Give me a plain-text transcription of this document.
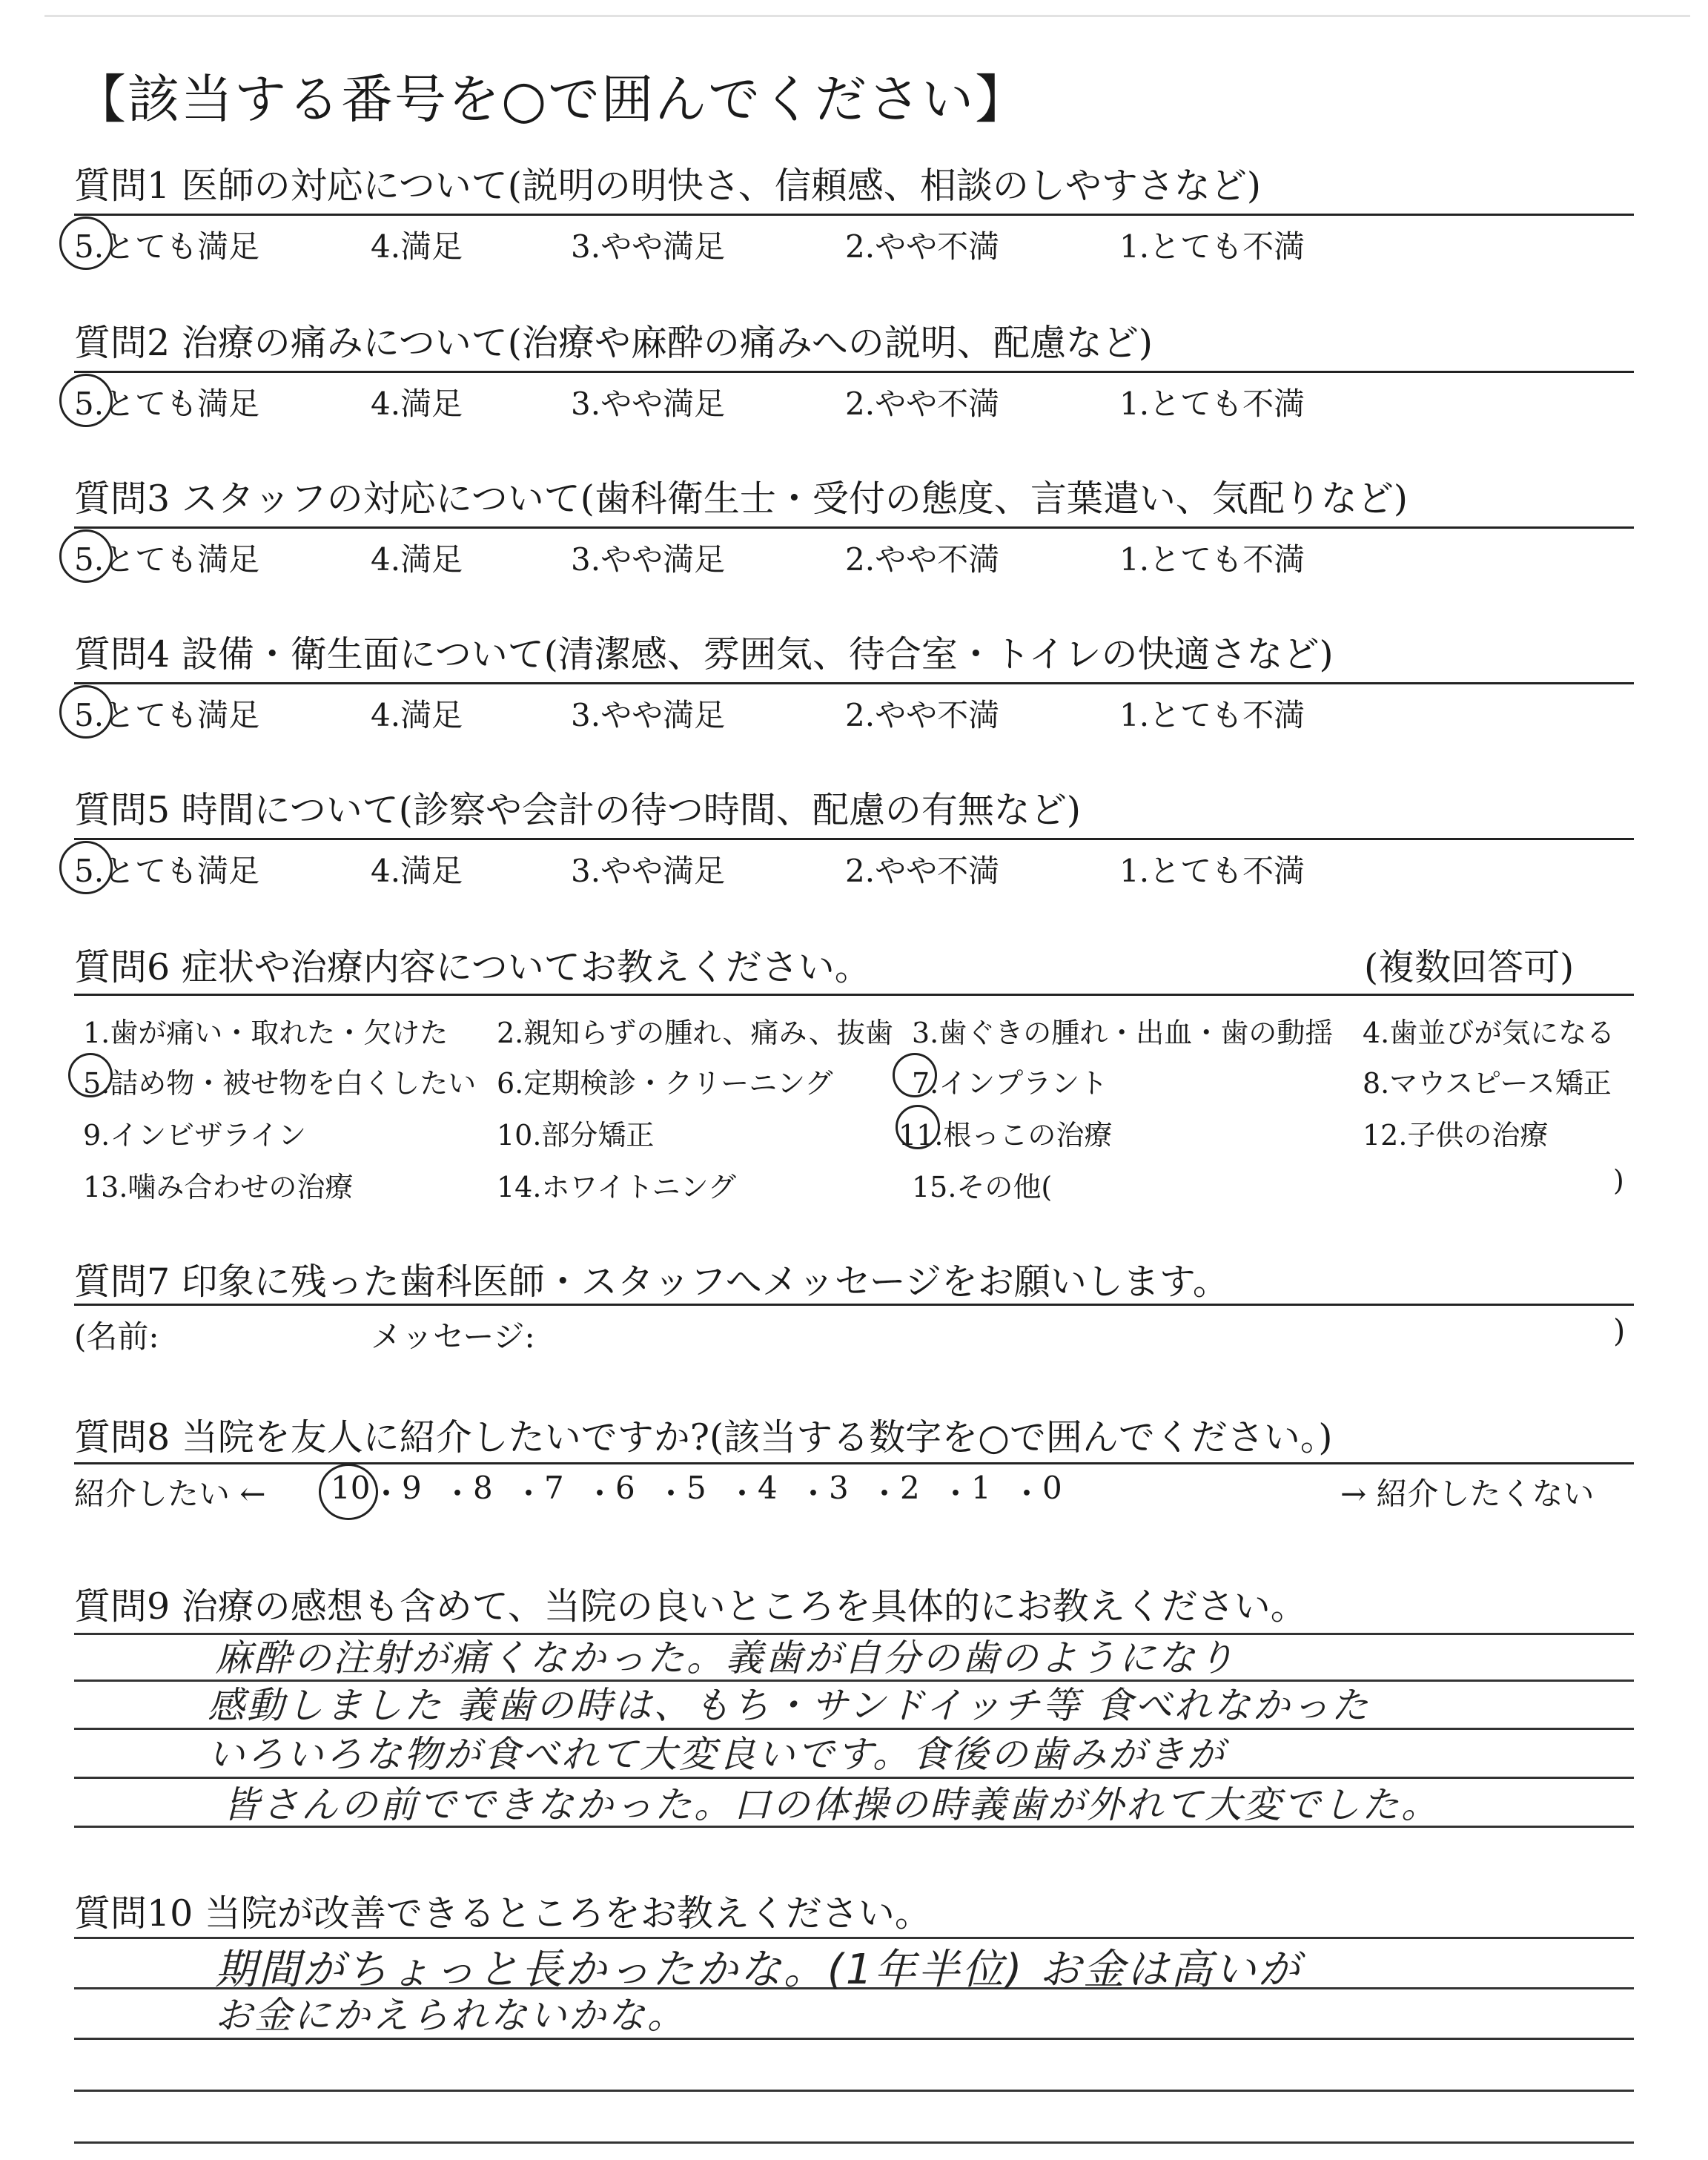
【該当する番号を○で囲んでください】
質問1 医師の対応について(説明の明快さ、信頼感、相談のしやすさなど)
5.とても満足	4.満足	3.やや満足	2.やや不満	1.とても不満
質問2 治療の痛みについて(治療や麻酔の痛みへの説明、配慮など)
5.とても満足	4.満足	3.やや満足	2.やや不満	1.とても不満
質問3 スタッフの対応について(歯科衛生士・受付の態度、言葉遣い、気配りなど)
5.とても満足	4.満足	3.やや満足	2.やや不満	1.とても不満
質問4 設備・衛生面について(清潔感、雰囲気、待合室・トイレの快適さなど)
5.とても満足	4.満足	3.やや満足	2.やや不満	1.とても不満
質問5 時間について(診察や会計の待つ時間、配慮の有無など)
5.とても満足	4.満足	3.やや満足	2.やや不満	1.とても不満
質問6 症状や治療内容についてお教えください。	(複数回答可)
1.歯が痛い・取れた・欠けた 2.親知らずの腫れ、痛み、抜歯 3.歯ぐきの腫れ・出血・歯の動揺 4.歯並びが気になる
5.詰め物・被せ物を白くしたい 6.定期検診・クリーニング	7.インプラント	8.マウスピース矯正
9.インビザライン	10.部分矯正	11.根っこの治療	12.子供の治療
13.噛み合わせの治療	14.ホワイトニング	15.その他(	)
質問7 印象に残った歯科医師・スタッフへメッセージをお願いします。
(名前:	メッセージ:	)
質問8 当院を友人に紹介したいですか?(該当する数字を○で囲んでください。)
紹介したい ←	→ 紹介したくない
10 ・ 9 ・ 8 ・ 7 ・ 6 ・ 5 ・ 4 ・ 3 ・ 2 ・ 1 ・ 0
質問9 治療の感想も含めて、当院の良いところを具体的にお教えください。
麻酔の注射が痛くなかった。義歯が自分の歯のようになり
感動しました 義歯の時は、もち・サンドイッチ等 食べれなかった
いろいろな物が食べれて大変良いです。食後の歯みがきが
皆さんの前でできなかった。口の体操の時義歯が外れて大変でした。
質問10 当院が改善できるところをお教えください。
期間がちょっと長かったかな。(1年半位) お金は高いが
お金にかえられないかな。
